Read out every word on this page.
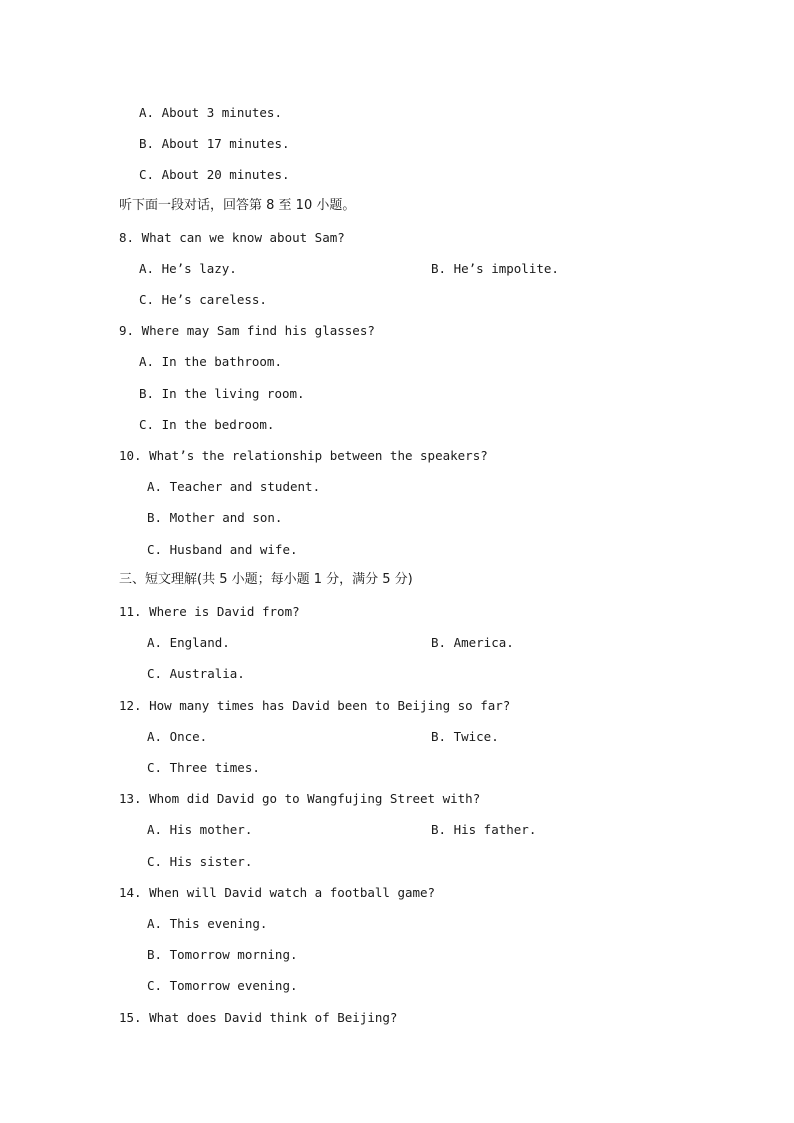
A. About 3 minutes.
B. About 17 minutes.
C. About 20 minutes.
听下面一段对话，回答第 8 至 10 小题。
8. What can we know about Sam?
A. He’s lazy.	B. He’s impolite.
C. He’s careless.
9. Where may Sam find his glasses?
A. In the bathroom.
B. In the living room.
C. In the bedroom.
10. What’s the relationship between the speakers?
A. Teacher and student.
B. Mother and son.
C. Husband and wife.
三、短文理解(共 5 小题；每小题 1 分，满分 5 分)
11. Where is David from?
A. England.	B. America.
C. Australia.
12. How many times has David been to Beijing so far?
A. Once.	B. Twice.
C. Three times.
13. Whom did David go to Wangfujing Street with?
A. His mother.	B. His father.
C. His sister.
14. When will David watch a football game?
A. This evening.
B. Tomorrow morning.
C. Tomorrow evening.
15. What does David think of Beijing?
